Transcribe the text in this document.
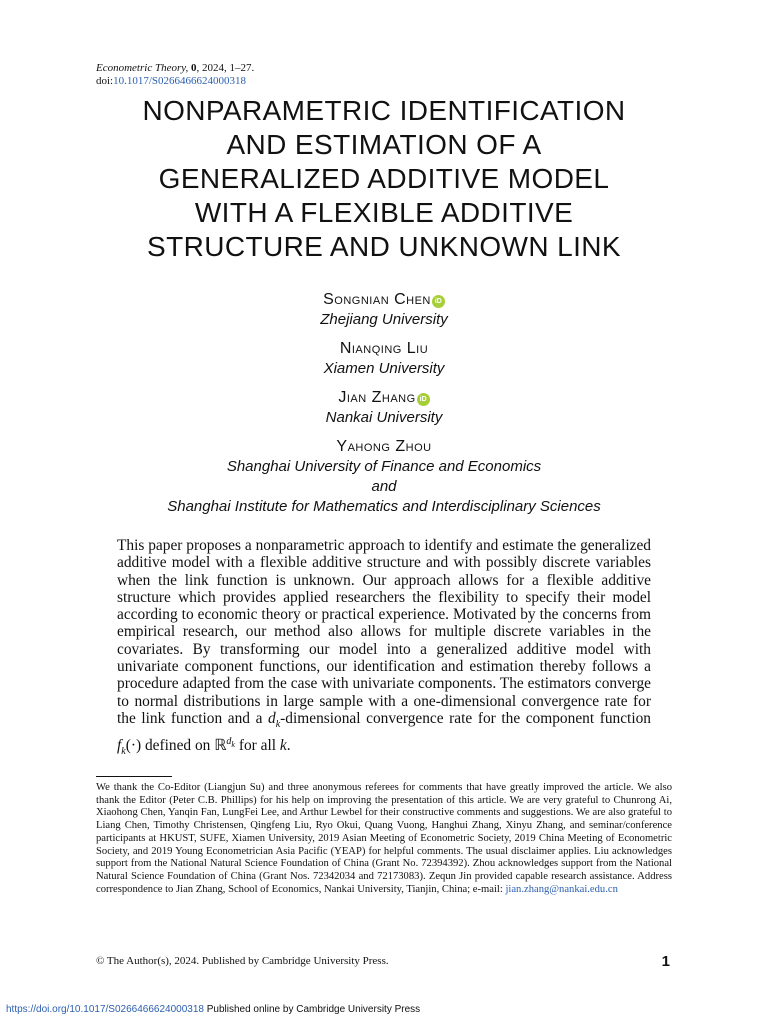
Econometric Theory, 0, 2024, 1–27.
doi:10.1017/S0266466624000318
NONPARAMETRIC IDENTIFICATION
AND ESTIMATION OF A
GENERALIZED ADDITIVE MODEL
WITH A FLEXIBLE ADDITIVE
STRUCTURE AND UNKNOWN LINK
Songnian Chen iD
Zhejiang University
Nianqing Liu
Xiamen University
Jian Zhang iD
Nankai University
Yahong Zhou
Shanghai University of Finance and Economics
and
Shanghai Institute for Mathematics and Interdisciplinary Sciences
This paper proposes a nonparametric approach to identify and estimate the generalized additive model with a flexible additive structure and with possibly discrete variables when the link function is unknown. Our approach allows for a flexible additive structure which provides applied researchers the flexibility to specify their model according to economic theory or practical experience. Motivated by the concerns from empirical research, our method also allows for multiple discrete variables in the covariates. By transforming our model into a generalized additive model with univariate component functions, our identification and estimation thereby follows a procedure adapted from the case with univariate components. The estimators converge to normal distributions in large sample with a one-dimensional convergence rate for the link function and a $d_k$-dimensional convergence rate for the component function $f_k(\cdot)$ defined on ℝ$^{d_k}$ for all k.
We thank the Co-Editor (Liangjun Su) and three anonymous referees for comments that have greatly improved the article. We also thank the Editor (Peter C.B. Phillips) for his help on improving the presentation of this article. We are very grateful to Chunrong Ai, Xiaohong Chen, Yanqin Fan, LungFei Lee, and Arthur Lewbel for their constructive comments and suggestions. We are also grateful to Liang Chen, Timothy Christensen, Qingfeng Liu, Ryo Okui, Quang Vuong, Hanghui Zhang, Xinyu Zhang, and seminar/conference participants at HKUST, SUFE, Xiamen University, 2019 Asian Meeting of Econometric Society, 2019 China Meeting of Econometric Society, and 2019 Young Econometrician Asia Pacific (YEAP) for helpful comments. The usual disclaimer applies. Liu acknowledges support from the National Natural Science Foundation of China (Grant No. 72394392). Zhou acknowledges support from the National Natural Science Foundation of China (Grant Nos. 72342034 and 72173083). Zequn Jin provided capable research assistance. Address correspondence to Jian Zhang, School of Economics, Nankai University, Tianjin, China; e-mail: jian.zhang@nankai.edu.cn
© The Author(s), 2024. Published by Cambridge University Press.	1
https://doi.org/10.1017/S0266466624000318 Published online by Cambridge University Press
